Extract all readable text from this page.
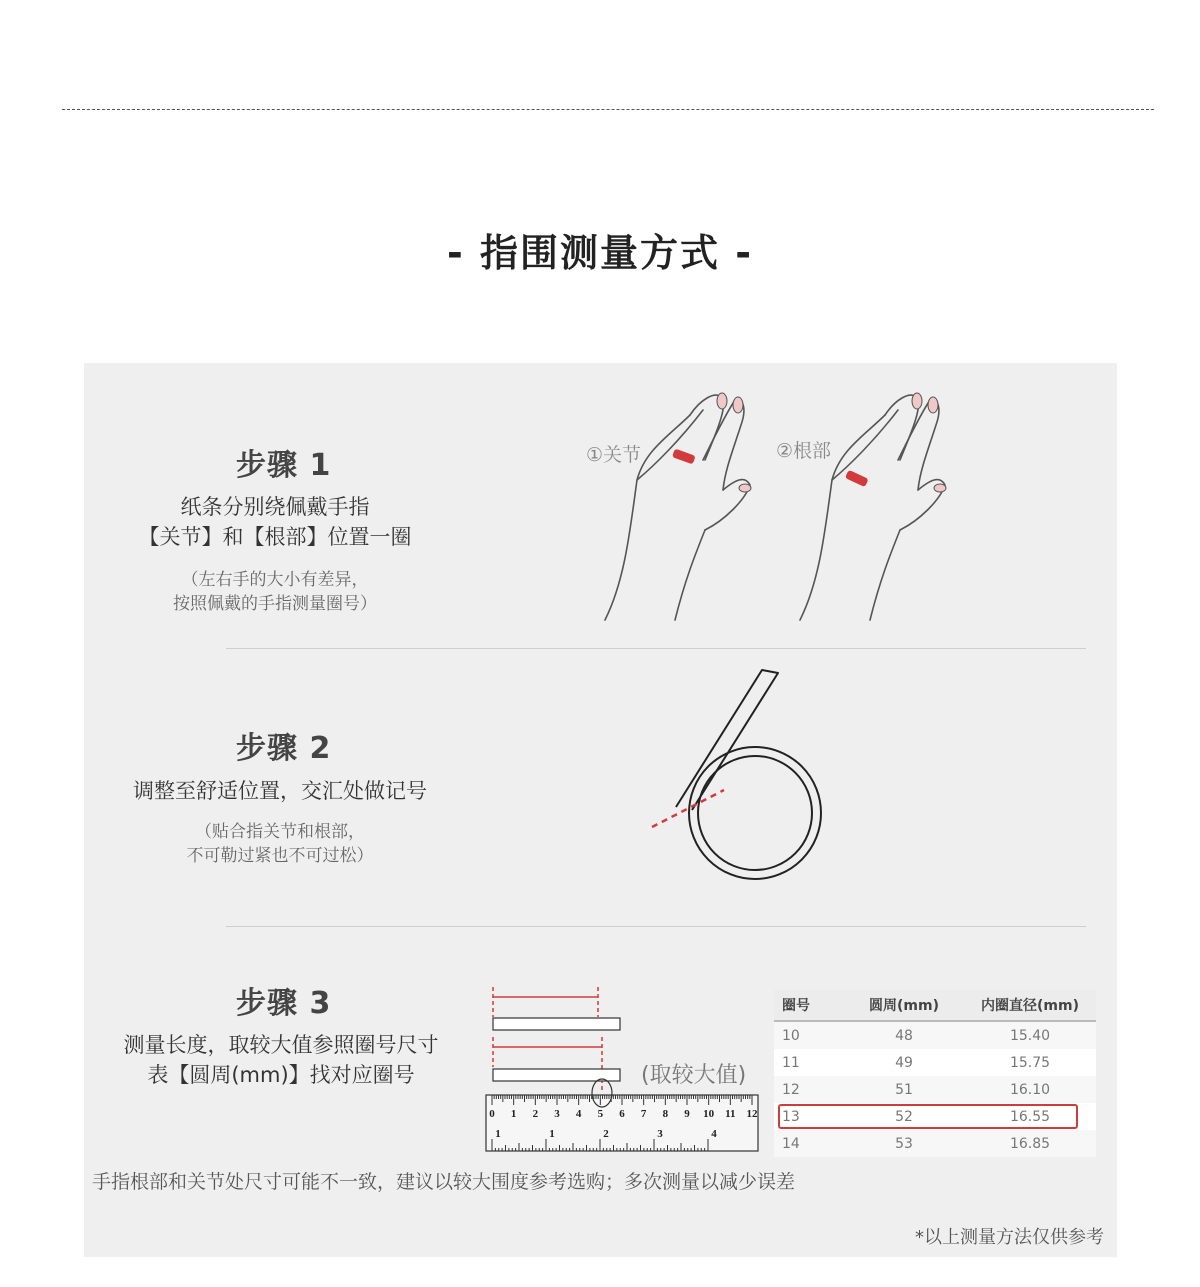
- 指围测量方式 -
步骤 1
纸条分别绕佩戴手指
【关节】和【根部】位置一圈
（左右手的大小有差异，
按照佩戴的手指测量圈号）
①关节	②根部
步骤 2
调整至舒适位置，交汇处做记号
（贴合指关节和根部，
不可勒过紧也不可过松）
步骤 3
测量长度，取较大值参照圈号尺寸
表【圆周(mm)】找对应圈号
0 1 2 3 4 5 6 7 8 9 10 11 12
1	1	2	3	4
(取较大值)
圈号	圆周(mm)	内圈直径(mm)
10	48	15.40
11	49	15.75
12	51	16.10
13	52	16.55
14	53	16.85
手指根部和关节处尺寸可能不一致，建议以较大围度参考选购；多次测量以减少误差
*以上测量方法仅供参考
